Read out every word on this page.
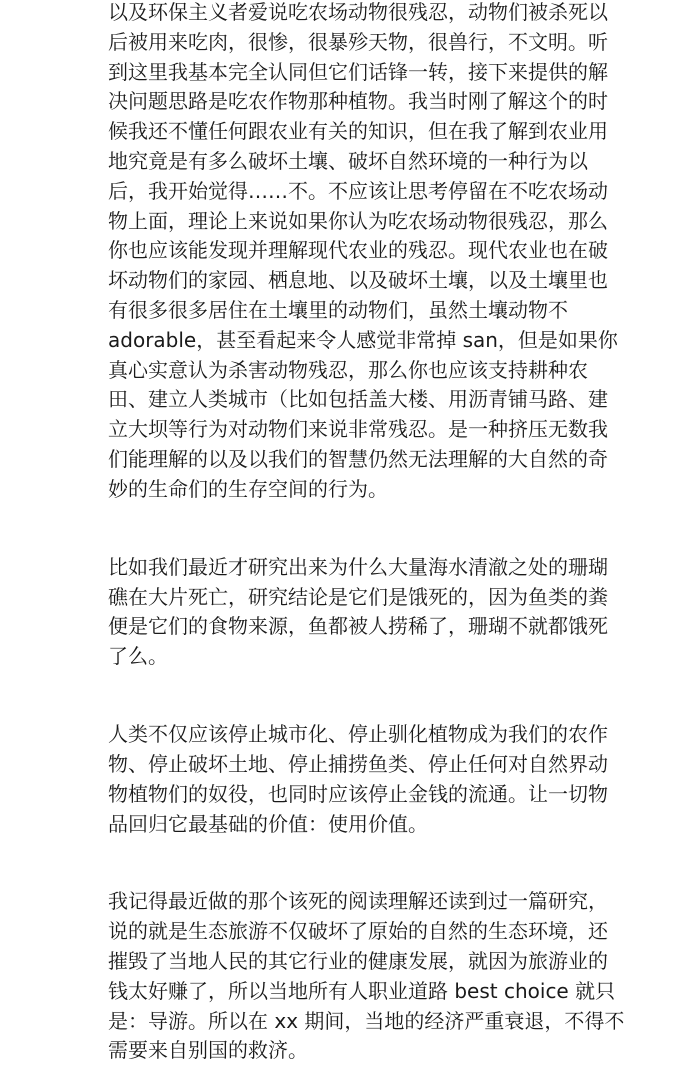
以及环保主义者爱说吃农场动物很残忍，动物们被杀死以
后被用来吃肉，很惨，很暴殄天物，很兽行，不文明。听
到这里我基本完全认同但它们话锋一转，接下来提供的解
决问题思路是吃农作物那种植物。我当时刚了解这个的时
候我还不懂任何跟农业有关的知识，但在我了解到农业用
地究竟是有多么破坏土壤、破坏自然环境的一种行为以
后，我开始觉得……不。不应该让思考停留在不吃农场动
物上面，理论上来说如果你认为吃农场动物很残忍，那么
你也应该能发现并理解现代农业的残忍。现代农业也在破
坏动物们的家园、栖息地、以及破坏土壤，以及土壤里也
有很多很多居住在土壤里的动物们，虽然土壤动物不
adorable，甚至看起来令人感觉非常掉 san，但是如果你
真心实意认为杀害动物残忍，那么你也应该支持耕种农
田、建立人类城市（比如包括盖大楼、用沥青铺马路、建
立大坝等行为对动物们来说非常残忍。是一种挤压无数我
们能理解的以及以我们的智慧仍然无法理解的大自然的奇
妙的生命们的生存空间的行为。
比如我们最近才研究出来为什么大量海水清澈之处的珊瑚
礁在大片死亡，研究结论是它们是饿死的，因为鱼类的粪
便是它们的食物来源，鱼都被人捞稀了，珊瑚不就都饿死
了么。
人类不仅应该停止城市化、停止驯化植物成为我们的农作
物、停止破坏土地、停止捕捞鱼类、停止任何对自然界动
物植物们的奴役，也同时应该停止金钱的流通。让一切物
品回归它最基础的价值：使用价值。
我记得最近做的那个该死的阅读理解还读到过一篇研究，
说的就是生态旅游不仅破坏了原始的自然的生态环境，还
摧毁了当地人民的其它行业的健康发展，就因为旅游业的
钱太好赚了，所以当地所有人职业道路 best choice 就只
是：导游。所以在 xx 期间，当地的经济严重衰退，不得不
需要来自别国的救济。
